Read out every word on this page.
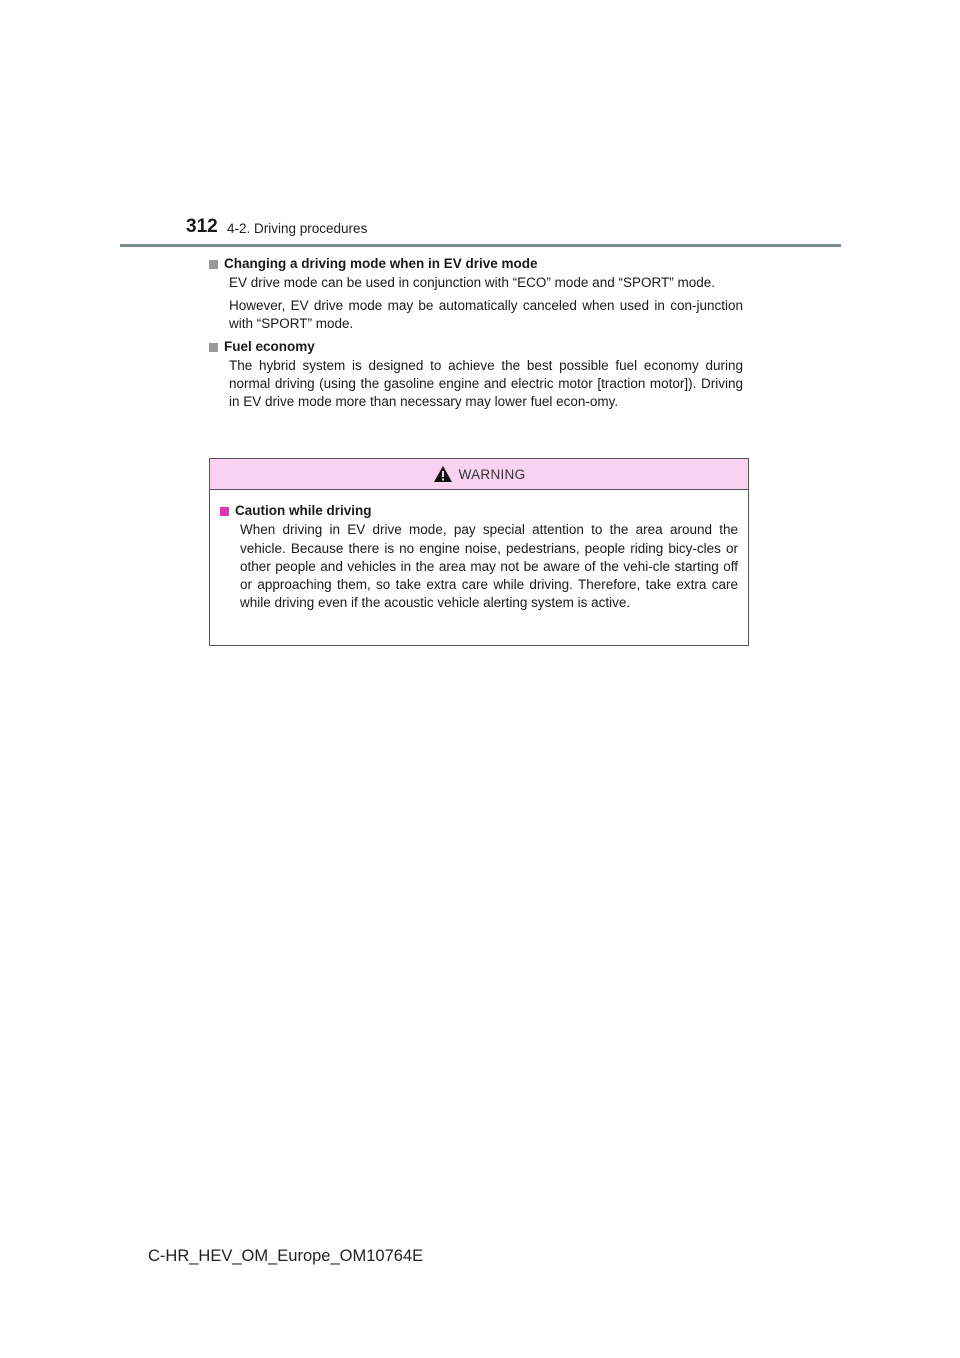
312 4-2. Driving procedures
Changing a driving mode when in EV drive mode

EV drive mode can be used in conjunction with “ECO” mode and “SPORT” mode.

However, EV drive mode may be automatically canceled when used in con-junction with “SPORT” mode.

Fuel economy

The hybrid system is designed to achieve the best possible fuel economy during normal driving (using the gasoline engine and electric motor [traction motor]). Driving in EV drive mode more than necessary may lower fuel econ-omy.

WARNING
Caution while driving

When driving in EV drive mode, pay special attention to the area around the vehicle. Because there is no engine noise, pedestrians, people riding bicy-cles or other people and vehicles in the area may not be aware of the vehi-cle starting off or approaching them, so take extra care while driving. Therefore, take extra care while driving even if the acoustic vehicle alerting system is active.

C-HR_HEV_OM_Europe_OM10764E
